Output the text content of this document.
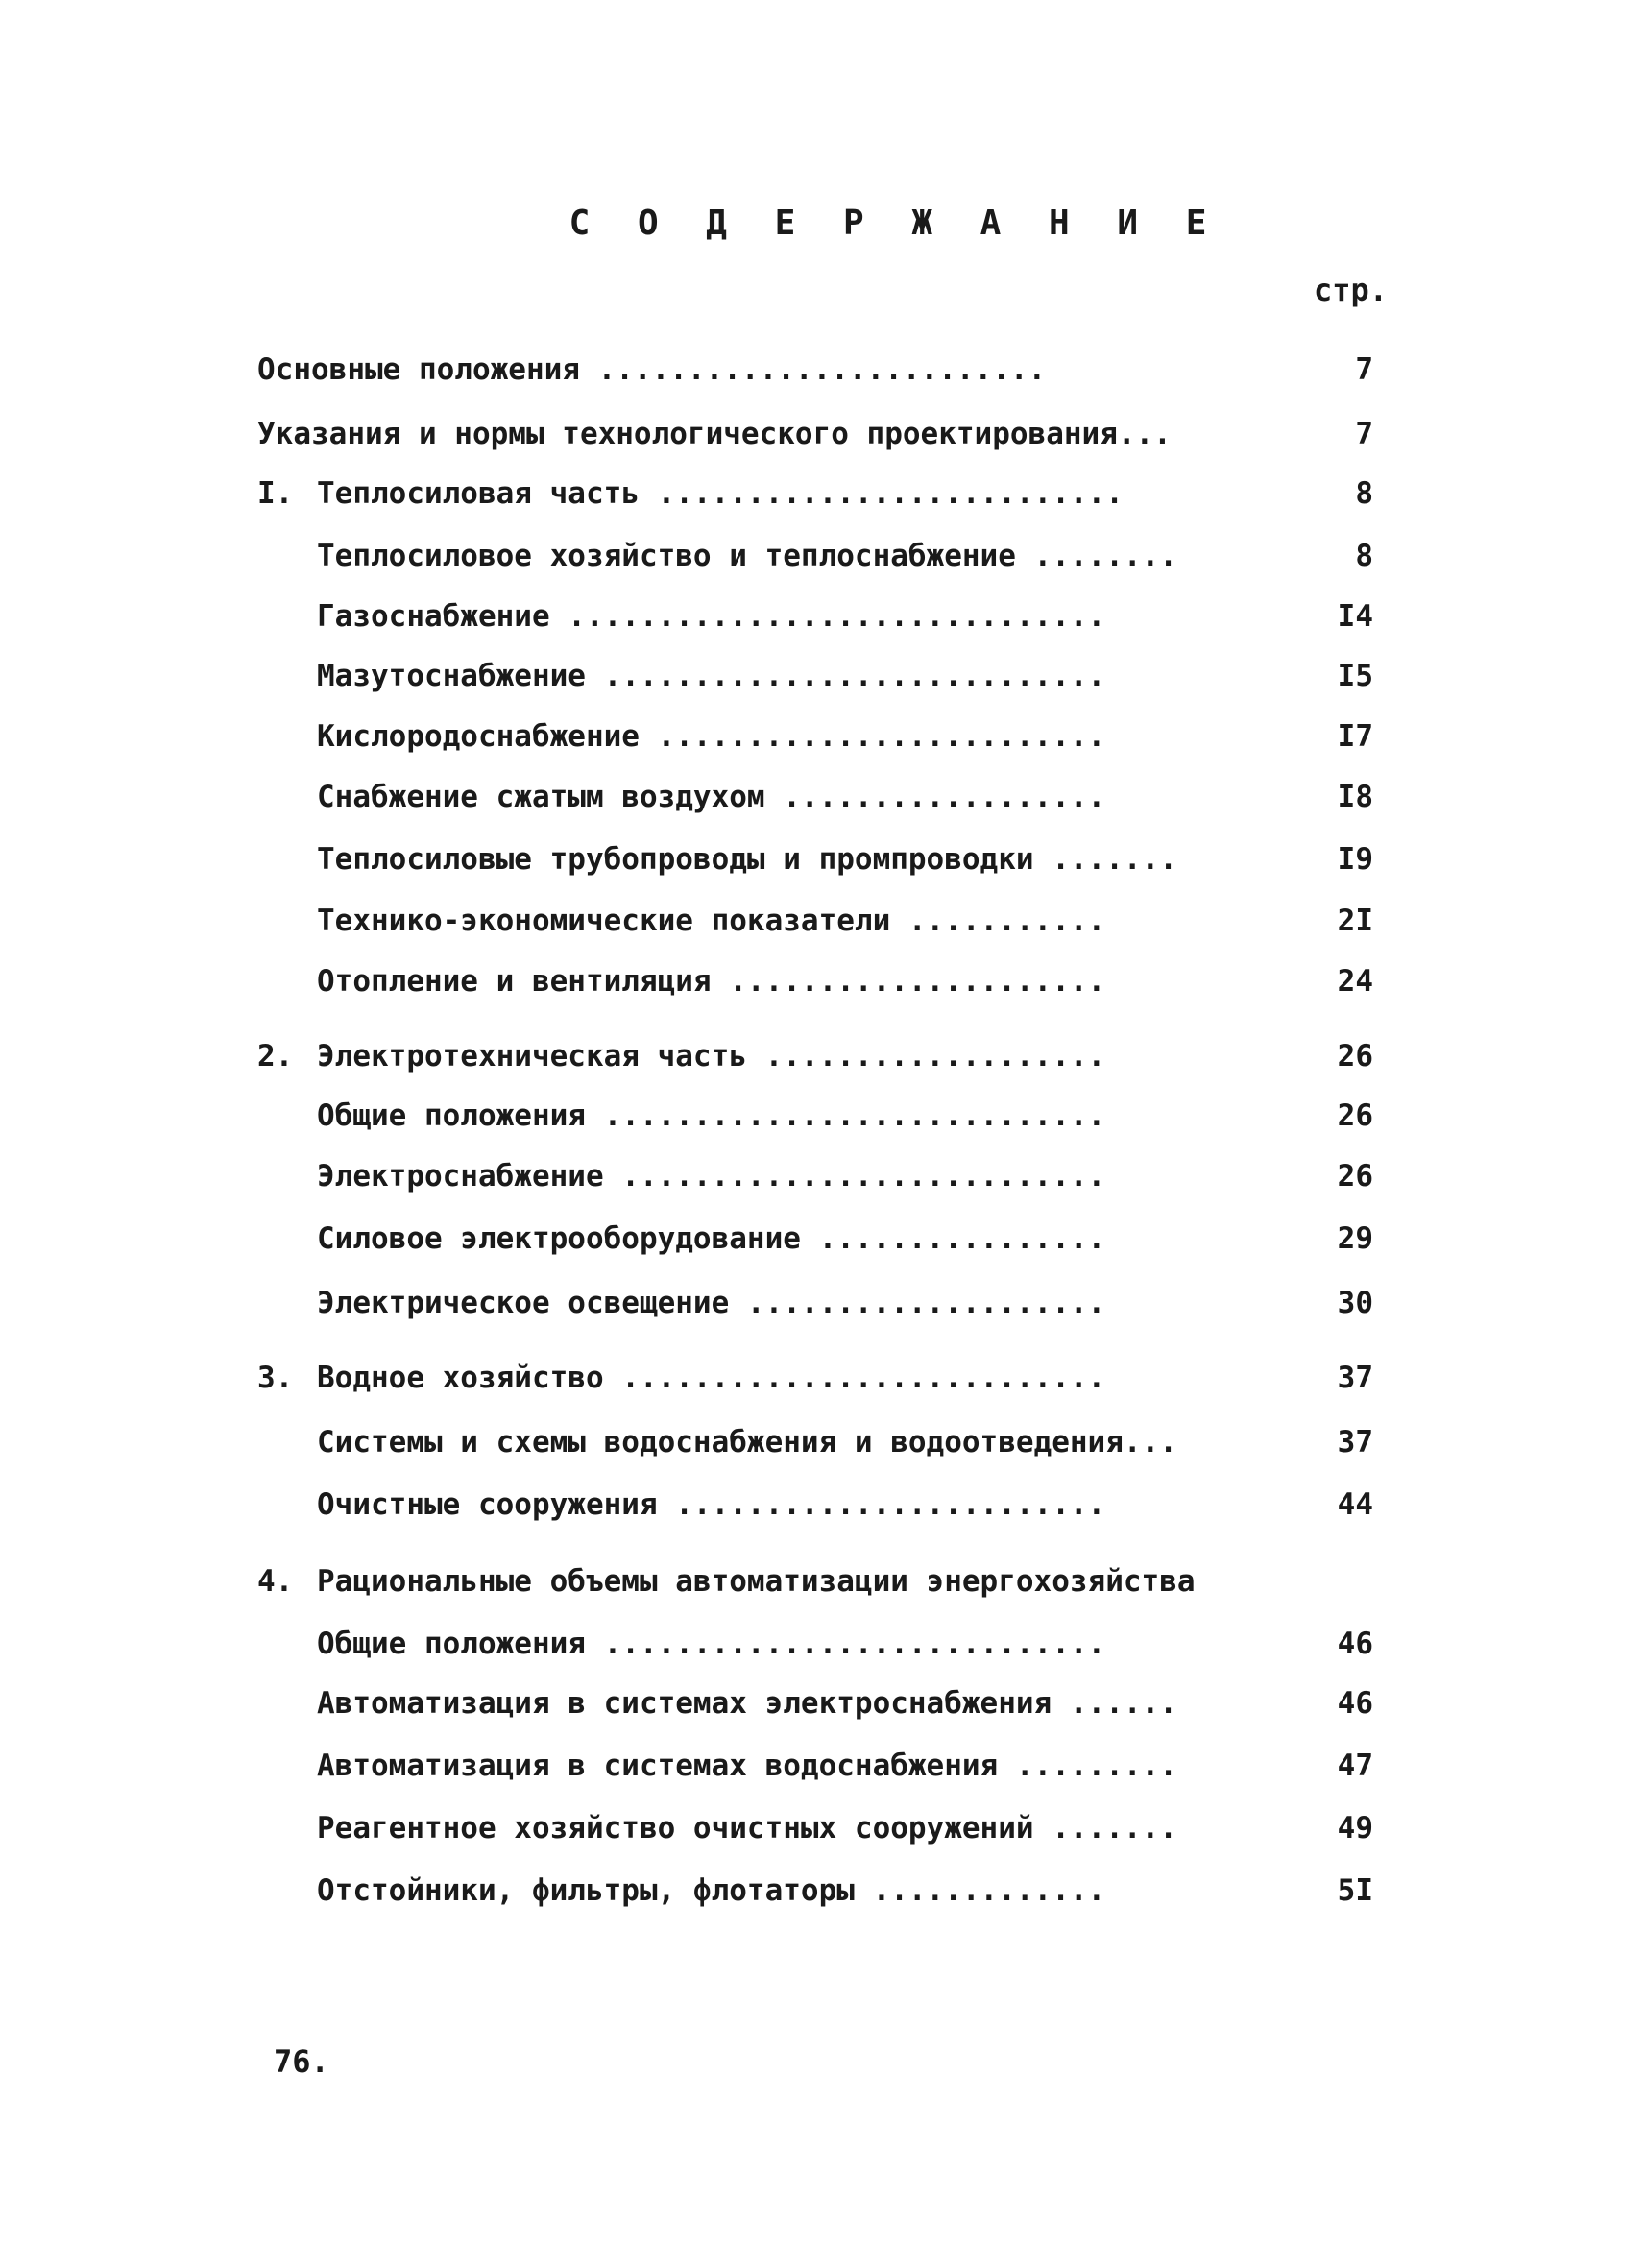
С О Д Е Р Ж А Н И Е
стр.
Основные положения .........................	7
Указания и нормы технологического проектирования...	7
I. Теплосиловая часть ..........................	8
Теплосиловое хозяйство и теплоснабжение ........	8
Газоснабжение ..............................	I4
Мазутоснабжение ............................	I5
Кислородоснабжение .........................	I7
Снабжение сжатым воздухом ..................	I8
Теплосиловые трубопроводы и промпроводки .......	I9
Технико-экономические показатели ...........	2I
Отопление и вентиляция .....................	24
2. Электротехническая часть ...................	26
Общие положения ............................	26
Электроснабжение ...........................	26
Силовое электрооборудование ................	29
Электрическое освещение ....................	30
3. Водное хозяйство ...........................	37
Системы и схемы водоснабжения и водоотведения...	37
Очистные сооружения ........................	44
4. Рациональные объемы автоматизации энергохозяйства
Общие положения ............................	46
Автоматизация в системах электроснабжения ......	46
Автоматизация в системах водоснабжения .........	47
Реагентное хозяйство очистных сооружений .......	49
Отстойники, фильтры, флотаторы .............	5I
76.
